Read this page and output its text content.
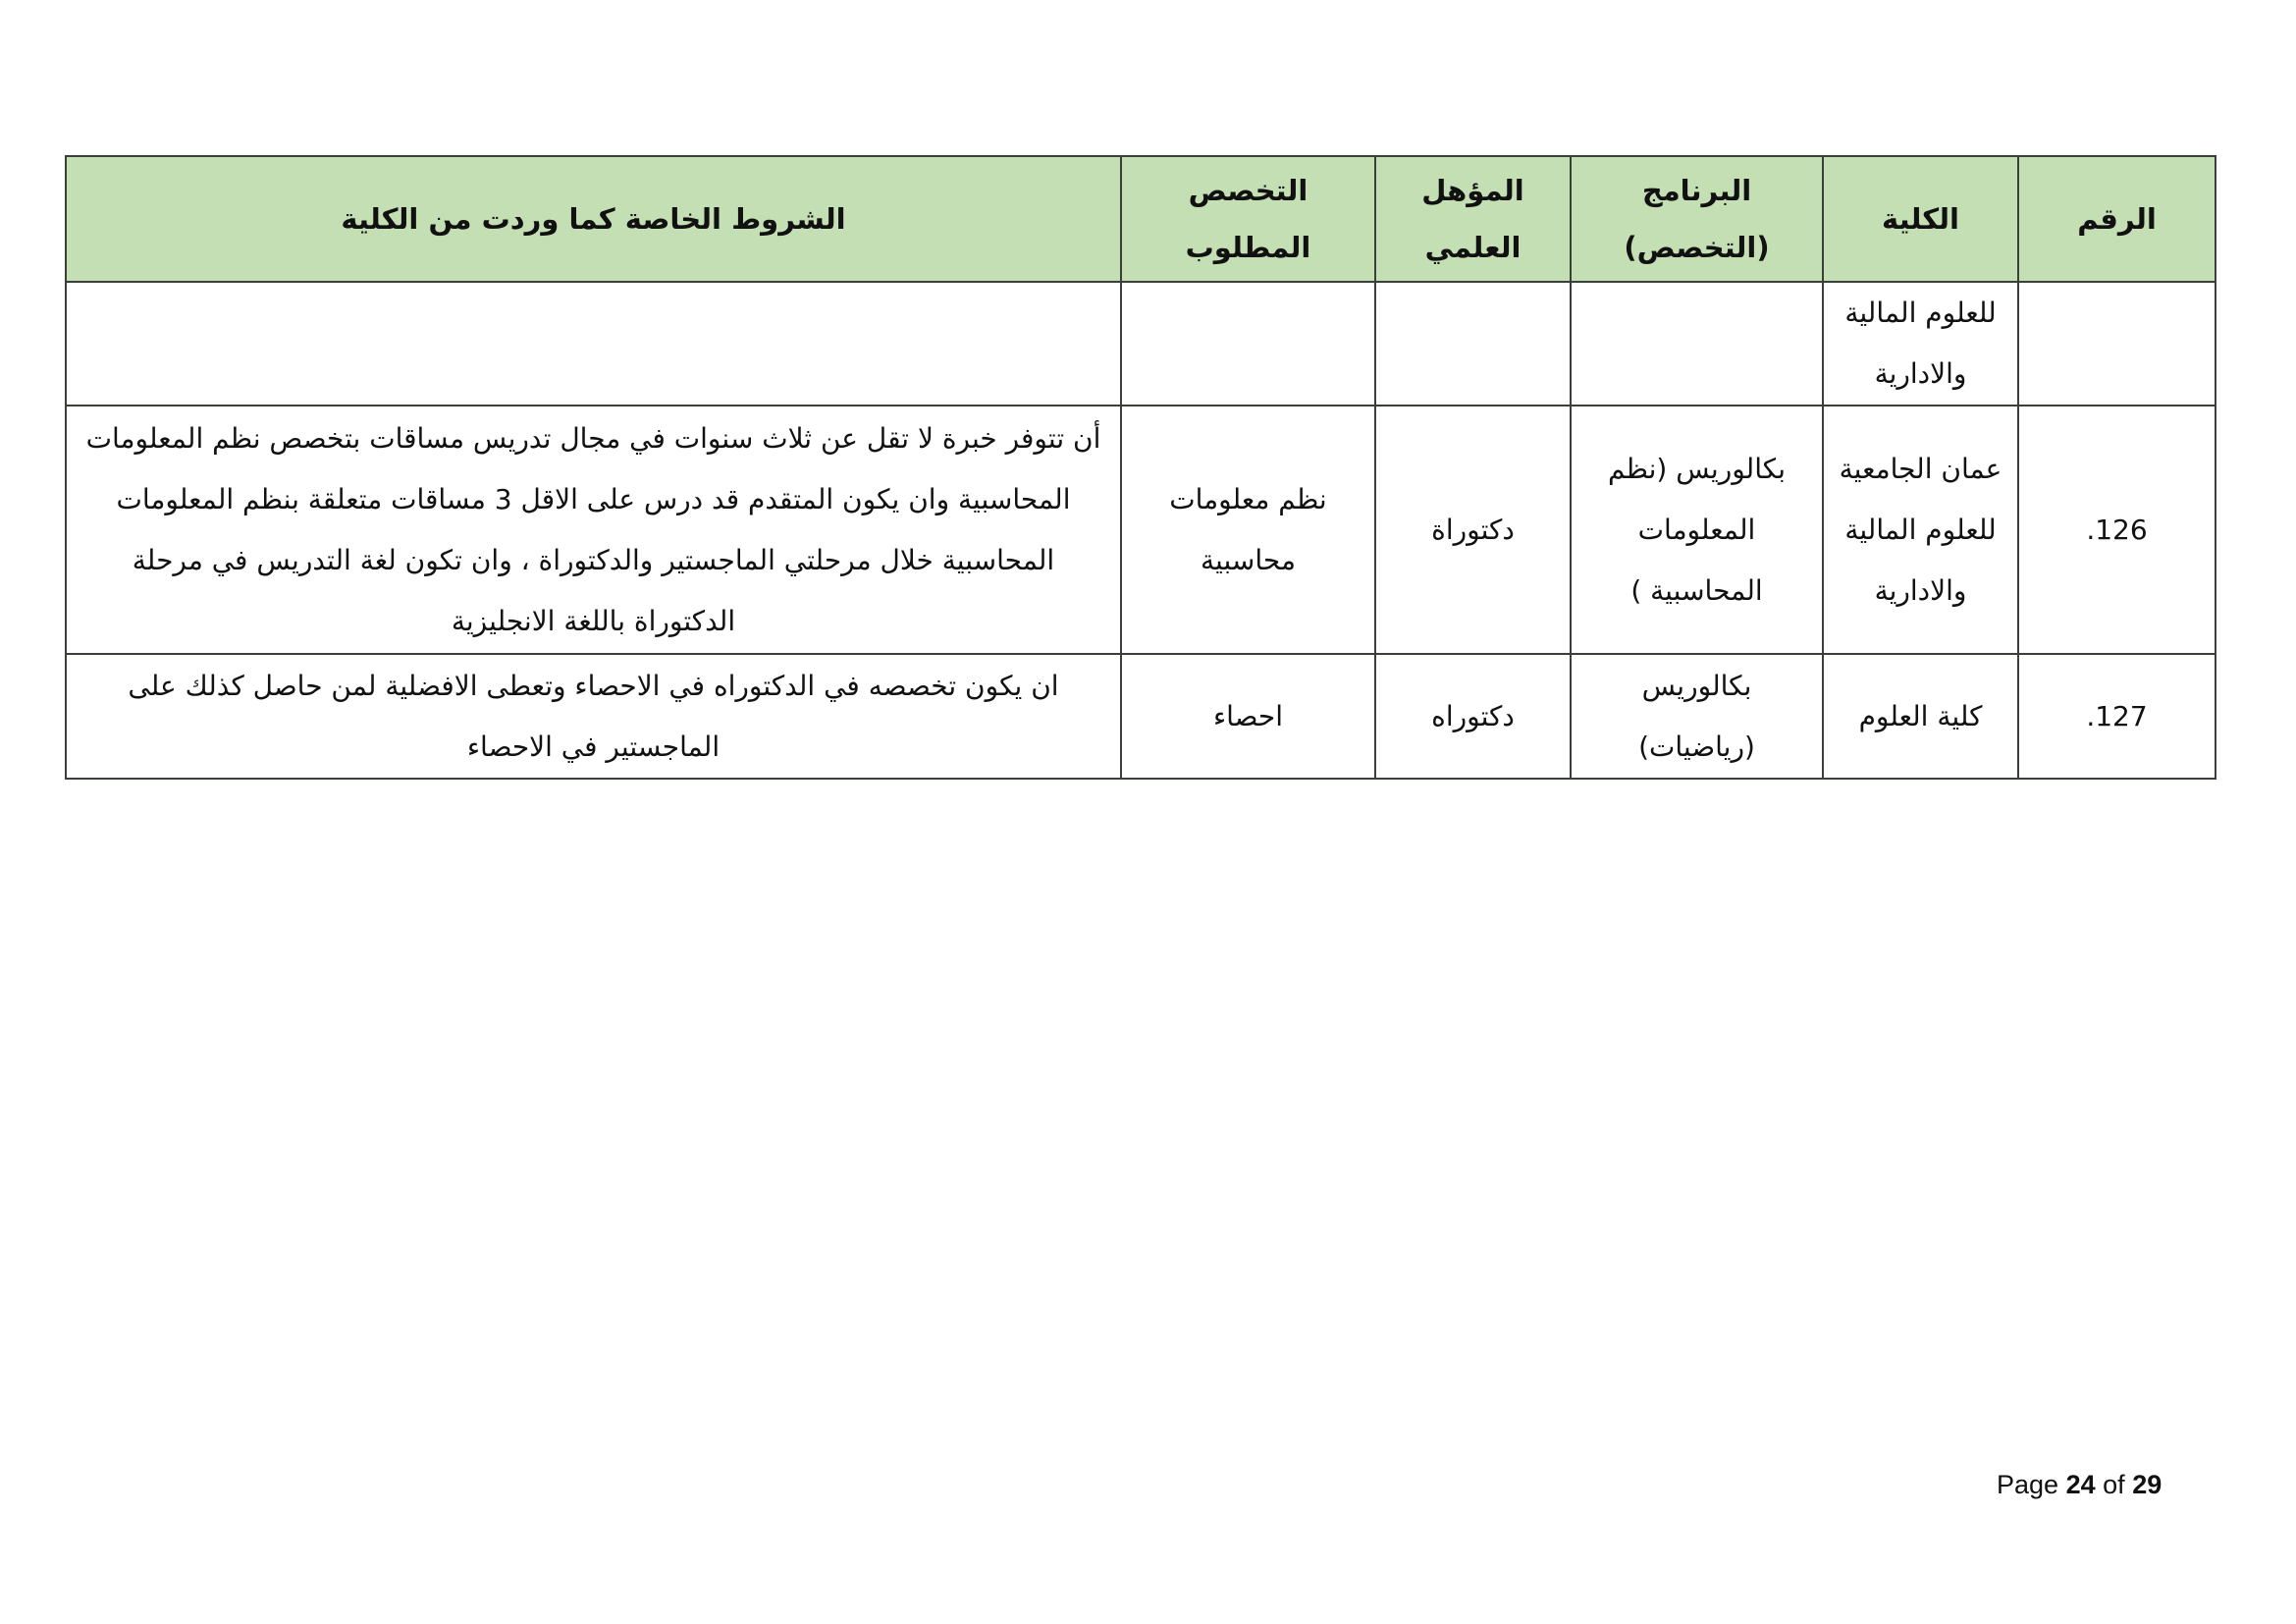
الرقم	الكلية	البرنامج (التخصص)	المؤهل العلمي	التخصص المطلوب	الشروط الخاصة كما وردت من الكلية
	للعلوم المالية والادارية				
.126	عمان الجامعية للعلوم المالية والادارية	بكالوريس (نظم المعلومات المحاسبية )	دكتوراة	نظم معلومات محاسبية	أن تتوفر خبرة لا تقل عن ثلاث سنوات في مجال تدريس مساقات بتخصص نظم المعلومات المحاسبية وان يكون المتقدم قد درس على الاقل 3 مساقات متعلقة بنظم المعلومات المحاسبية خلال مرحلتي الماجستير والدكتوراة ، وان تكون لغة التدريس في مرحلة الدكتوراة باللغة الانجليزية
.127	كلية العلوم	بكالوريس (رياضيات)	دكتوراه	احصاء	ان يكون تخصصه في الدكتوراه في الاحصاء وتعطى الافضلية لمن حاصل كذلك على الماجستير في الاحصاء
Page 24 of 29
